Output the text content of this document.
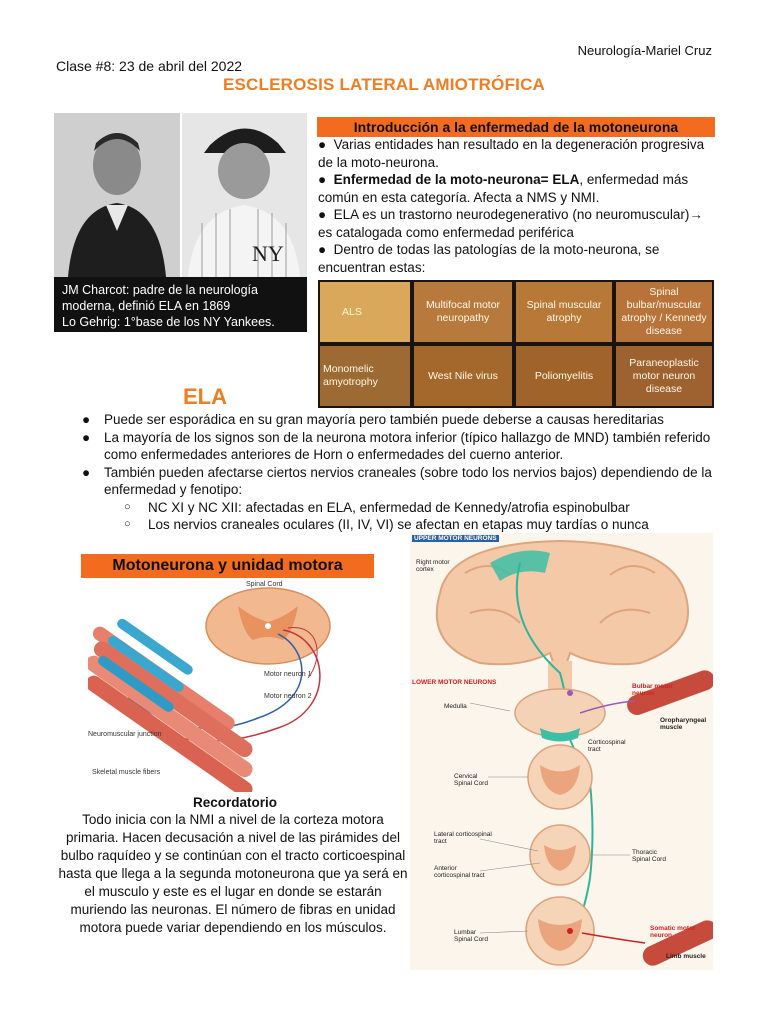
Neurología-Mariel Cruz
Clase #8: 23 de abril del 2022
ESCLEROSIS LATERAL AMIOTRÓFICA
NY
JM Charcot: padre de la neurología
moderna, definió ELA en 1869
Lo Gehrig: 1°base de los NY Yankees.
Introducción a la enfermedad de la motoneurona

●  Varias entidades han resultado en la degeneración progresiva de la moto-neurona.

●  Enfermedad de la moto-neurona= ELA, enfermedad más común en esta categoría. Afecta a NMS y NMI.

●  ELA es un trastorno neurodegenerativo (no neuromuscular)→ es catalogada como enfermedad periférica

●  Dentro de todas las patologías de la moto-neurona, se encuentran estas:

ALS
Multifocal motor neuropathy
Spinal muscular atrophy
Spinal bulbar/muscular atrophy / Kennedy disease
Monomelic amyotrophy
West Nile virus	Poliomyelitis
Paraneoplastic motor neuron disease
ELA
● Puede ser esporádica en su gran mayoría pero también puede deberse a causas hereditarias
● La mayoría de los signos son de la neurona motora inferior (típico hallazgo de MND) también referido como enfermedades anteriores de Horn o enfermedades del cuerno anterior.
● También pueden afectarse ciertos nervios craneales (sobre todo los nervios bajos) dependiendo de la enfermedad y fenotipo:
○ NC XI y NC XII: afectadas en ELA, enfermedad de Kennedy/atrofia espinobulbar
○ Los nervios craneales oculares (II, IV, VI) se afectan en etapas muy tardías o nunca
Motoneurona y unidad motora
Spinal Cord
Motor neuron 1
Motor neuron 2
Neuromuscular junction
Skeletal muscle fibers
Recordatorio
Todo inicia con la NMI a nivel de la corteza motora primaria. Hacen decusación a nivel de las pirámides del bulbo raquídeo y se continúan con el tracto corticoespinal hasta que llega a la segunda motoneurona que ya será en el musculo y este es el lugar en donde se estarán muriendo las neuronas. El número de fibras en unidad motora puede variar dependiendo en los músculos.
UPPER MOTOR NEURONS
Right motor cortex
LOWER MOTOR NEURONS
Medulla
Bulbar motor neuron
Oropharyngeal muscle
Corticospinal tract
Cervical Spinal Cord
Lateral corticospinal tract
Thoracic Spinal Cord
Anterior corticospinal tract
Lumbar Spinal Cord
Somatic motor neuron
Limb muscle
